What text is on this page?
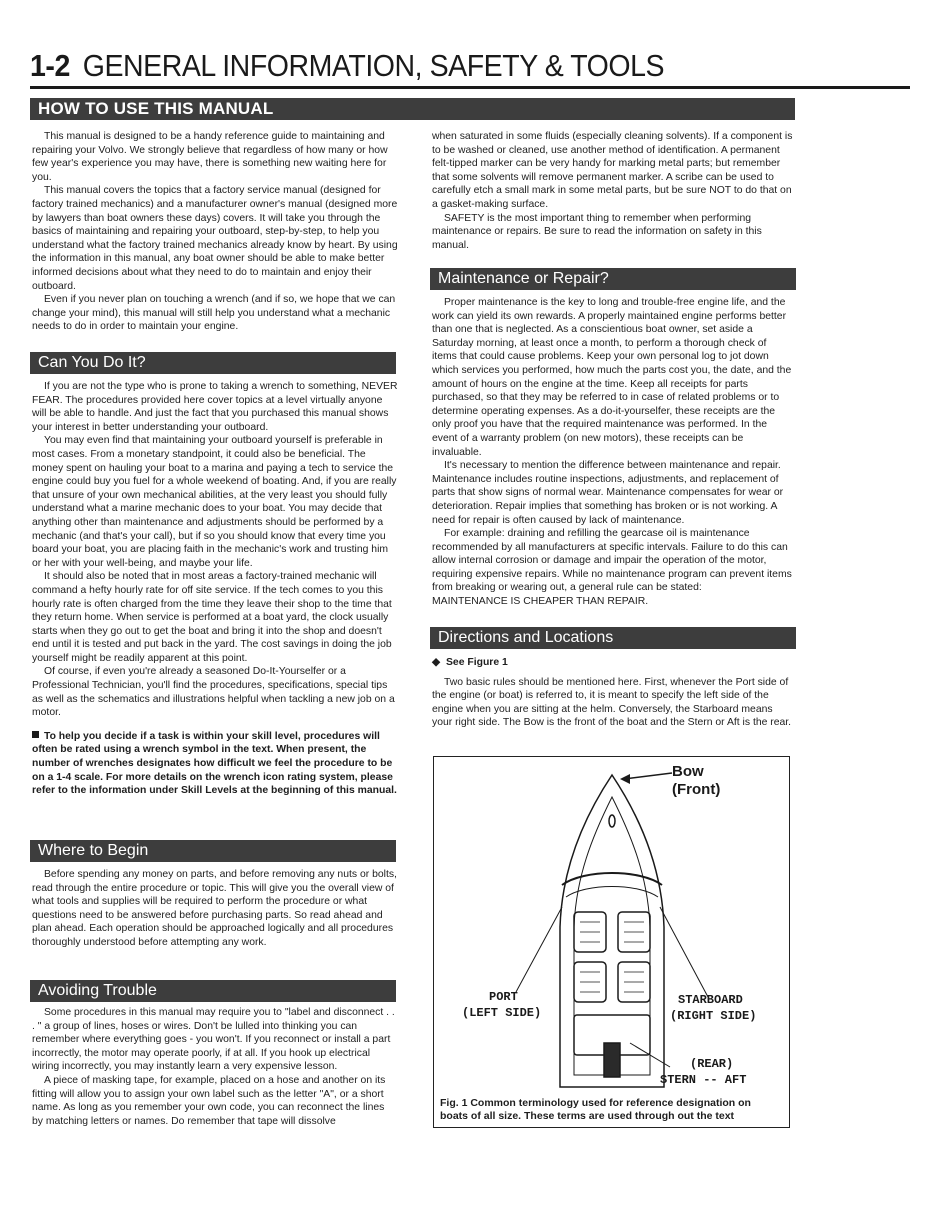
1-2 GENERAL INFORMATION, SAFETY & TOOLS
HOW TO USE THIS MANUAL

This manual is designed to be a handy reference guide to maintaining and repairing your Volvo. We strongly believe that regardless of how many or how few year's experience you may have, there is something new waiting here for you.

This manual covers the topics that a factory service manual (designed for factory trained mechanics) and a manufacturer owner's manual (designed more by lawyers than boat owners these days) covers. It will take you through the basics of maintaining and repairing your outboard, step-by-step, to help you understand what the factory trained mechanics already know by heart. By using the information in this manual, any boat owner should be able to make better informed decisions about what they need to do to maintain and enjoy their outboard.

Even if you never plan on touching a wrench (and if so, we hope that we can change your mind), this manual will still help you understand what a mechanic needs to do in order to maintain your engine.

Can You Do It?

If you are not the type who is prone to taking a wrench to something, NEVER FEAR. The procedures provided here cover topics at a level virtually anyone will be able to handle. And just the fact that you purchased this manual shows your interest in better understanding your outboard.

You may even find that maintaining your outboard yourself is preferable in most cases. From a monetary standpoint, it could also be beneficial. The money spent on hauling your boat to a marina and paying a tech to service the engine could buy you fuel for a whole weekend of boating. And, if you are really that unsure of your own mechanical abilities, at the very least you should fully understand what a marine mechanic does to your boat. You may decide that anything other than maintenance and adjustments should be performed by a mechanic (and that's your call), but if so you should know that every time you board your boat, you are placing faith in the mechanic's work and trusting him or her with your well-being, and maybe your life.

It should also be noted that in most areas a factory-trained mechanic will command a hefty hourly rate for off site service. If the tech comes to you this hourly rate is often charged from the time they leave their shop to the time that they return home. When service is performed at a boat yard, the clock usually starts when they go out to get the boat and bring it into the shop and doesn't end until it is tested and put back in the yard. The cost savings in doing the job yourself might be readily apparent at this point.

Of course, if even you're already a seasoned Do-It-Yourselfer or a Professional Technician, you'll find the procedures, specifications, special tips as well as the schematics and illustrations helpful when tackling a new job on a motor.

To help you decide if a task is within your skill level, procedures will often be rated using a wrench symbol in the text. When present, the number of wrenches designates how difficult we feel the procedure to be on a 1-4 scale. For more details on the wrench icon rating system, please refer to the information under Skill Levels at the beginning of this manual.

Where to Begin

Before spending any money on parts, and before removing any nuts or bolts, read through the entire procedure or topic. This will give you the overall view of what tools and supplies will be required to perform the procedure or what questions need to be answered before purchasing parts. So read ahead and plan ahead. Each operation should be approached logically and all procedures thoroughly understood before attempting any work.

Avoiding Trouble

Some procedures in this manual may require you to "label and disconnect . . . " a group of lines, hoses or wires. Don't be lulled into thinking you can remember where everything goes - you won't. If you reconnect or install a part incorrectly, the motor may operate poorly, if at all. If you hook up electrical wiring incorrectly, you may instantly learn a very expensive lesson.

A piece of masking tape, for example, placed on a hose and another on its fitting will allow you to assign your own label such as the letter "A", or a short name. As long as you remember your own code, you can reconnect the lines by matching letters or names. Do remember that tape will dissolve

when saturated in some fluids (especially cleaning solvents). If a component is to be washed or cleaned, use another method of identification. A permanent felt-tipped marker can be very handy for marking metal parts; but remember that some solvents will remove permanent marker. A scribe can be used to carefully etch a small mark in some metal parts, but be sure NOT to do that on a gasket-making surface.

SAFETY is the most important thing to remember when performing maintenance or repairs. Be sure to read the information on safety in this manual.

Maintenance or Repair?

Proper maintenance is the key to long and trouble-free engine life, and the work can yield its own rewards. A properly maintained engine performs better than one that is neglected. As a conscientious boat owner, set aside a Saturday morning, at least once a month, to perform a thorough check of items that could cause problems. Keep your own personal log to jot down which services you performed, how much the parts cost you, the date, and the amount of hours on the engine at the time. Keep all receipts for parts purchased, so that they may be referred to in case of related problems or to determine operating expenses. As a do-it-yourselfer, these receipts are the only proof you have that the required maintenance was performed. In the event of a warranty problem (on new motors), these receipts can be invaluable.

It's necessary to mention the difference between maintenance and repair. Maintenance includes routine inspections, adjustments, and replacement of parts that show signs of normal wear. Maintenance compensates for wear or deterioration. Repair implies that something has broken or is not working. A need for repair is often caused by lack of maintenance.

For example: draining and refilling the gearcase oil is maintenance recommended by all manufacturers at specific intervals. Failure to do this can allow internal corrosion or damage and impair the operation of the motor, requiring expensive repairs. While no maintenance program can prevent items from breaking or wearing out, a general rule can be stated:

MAINTENANCE IS CHEAPER THAN REPAIR.

Directions and Locations

◆ See Figure 1

Two basic rules should be mentioned here. First, whenever the Port side of the engine (or boat) is referred to, it is meant to specify the left side of the engine when you are sitting at the helm. Conversely, the Starboard means your right side. The Bow is the front of the boat and the Stern or Aft is the rear.

Bow
(Front)
PORT
(LEFT SIDE)
STARBOARD
(RIGHT SIDE)
(REAR)
STERN -- AFT
Fig. 1 Common terminology used for reference designation on boats of all size. These terms are used through out the text
